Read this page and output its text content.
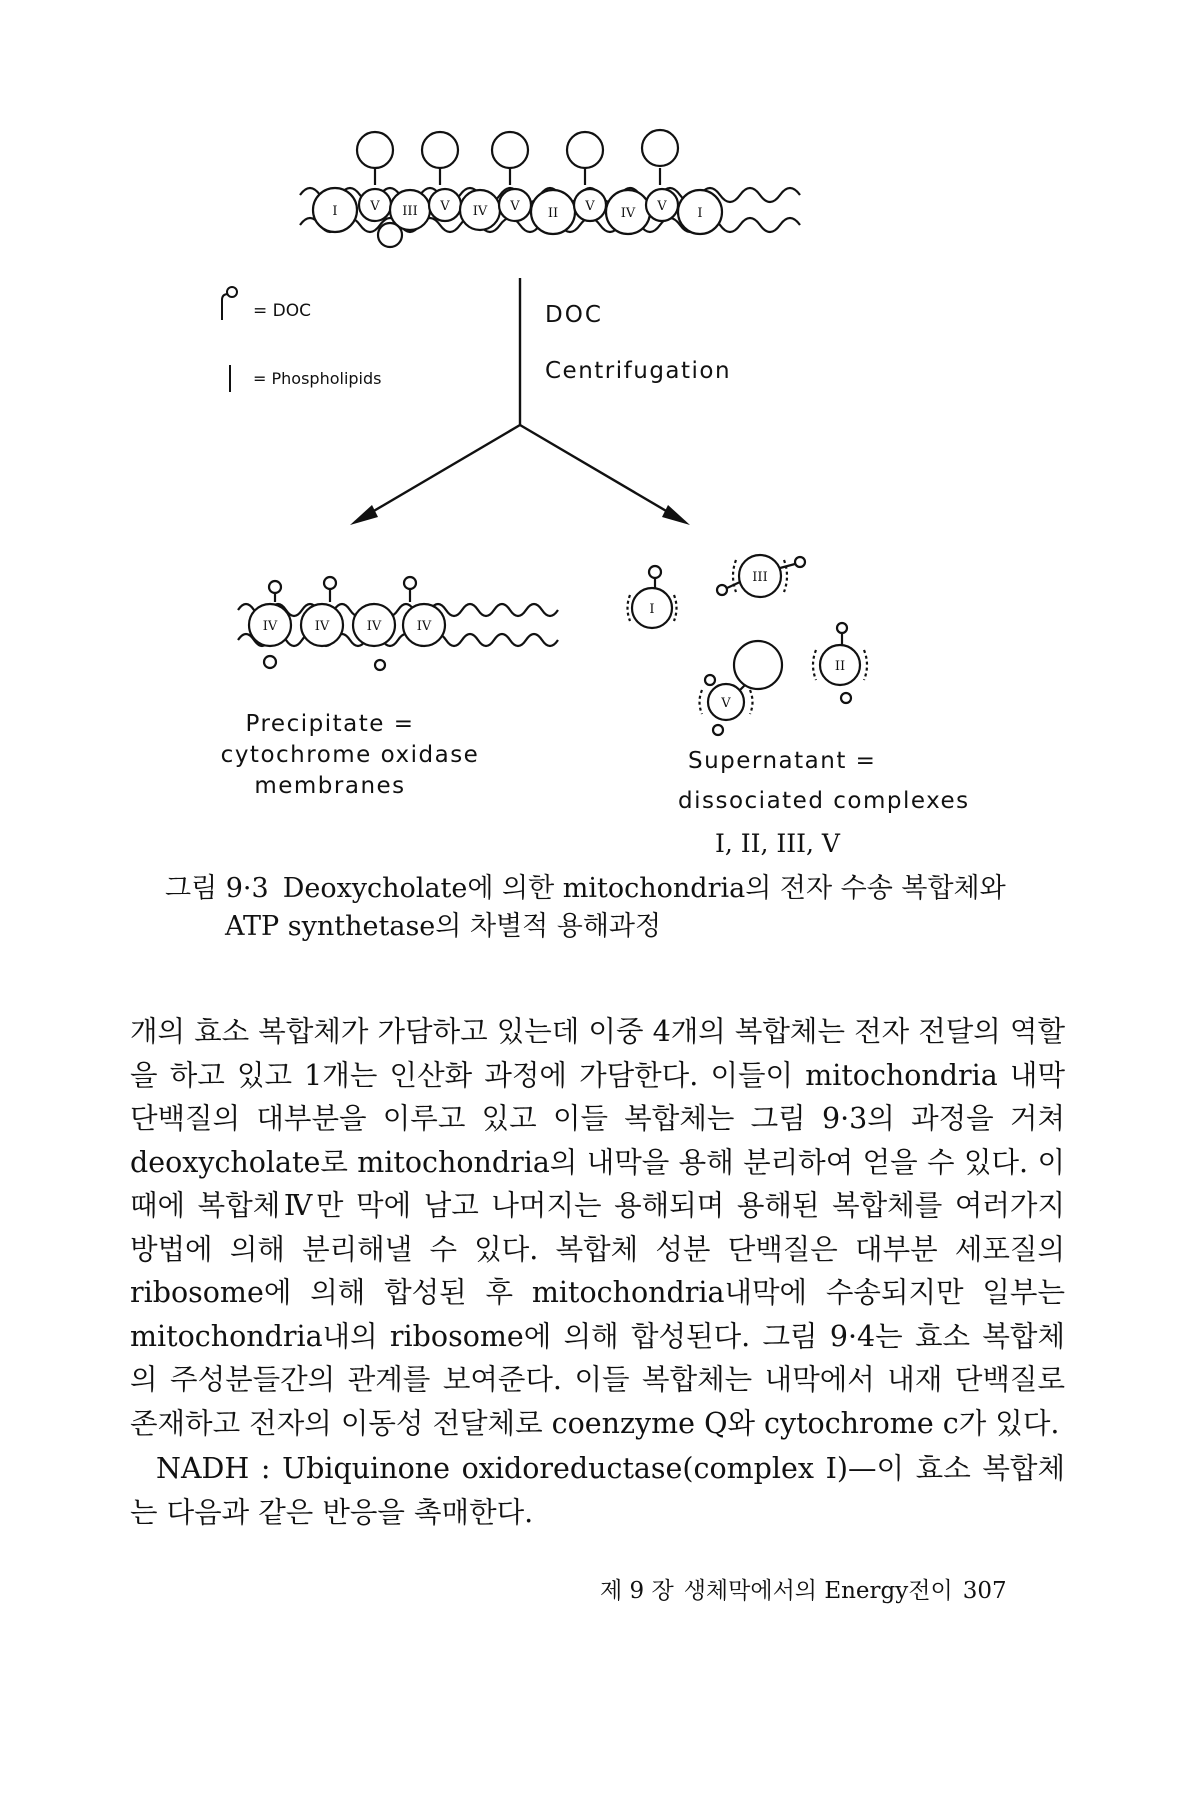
I	V III V IV V II V IV V I
= DOC
= Phospholipids
DOC
Centrifugation
IV	IV	IV	IV
Precipitate =
cytochrome oxidase
membranes
I
III
V
II
Supernatant =
dissociated complexes
I, II, III, V
그림 9·3 Deoxycholate에 의한 mitochondria의 전자 수송 복합체와
ATP synthetase의 차별적 용해과정

개의 효소 복합체가 가담하고 있는데 이중 4개의 복합체는 전자 전달의 역할을 하고 있고 1개는 인산화 과정에 가담한다. 이들이 mitochondria 내막 단백질의 대부분을 이루고 있고 이들 복합체는 그림 9·3의 과정을 거쳐 deoxycholate로 mitochondria의 내막을 용해 분리하여 얻을 수 있다. 이때에 복합체Ⅳ만 막에 남고 나머지는 용해되며 용해된 복합체를 여러가지 방법에 의해 분리해낼 수 있다. 복합체 성분 단백질은 대부분 세포질의 ribosome에 의해 합성된 후 mitochondria내막에 수송되지만 일부는 mitochondria내의 ribosome에 의해 합성된다. 그림 9·4는 효소 복합체의 주성분들간의 관계를 보여준다. 이들 복합체는 내막에서 내재 단백질로 존재하고 전자의 이동성 전달체로 coenzyme Q와 cytochrome c가 있다.

NADH : Ubiquinone oxidoreductase(complex I)—이 효소 복합체는 다음과 같은 반응을 촉매한다.

제 9 장 생체막에서의 Energy전이 307
